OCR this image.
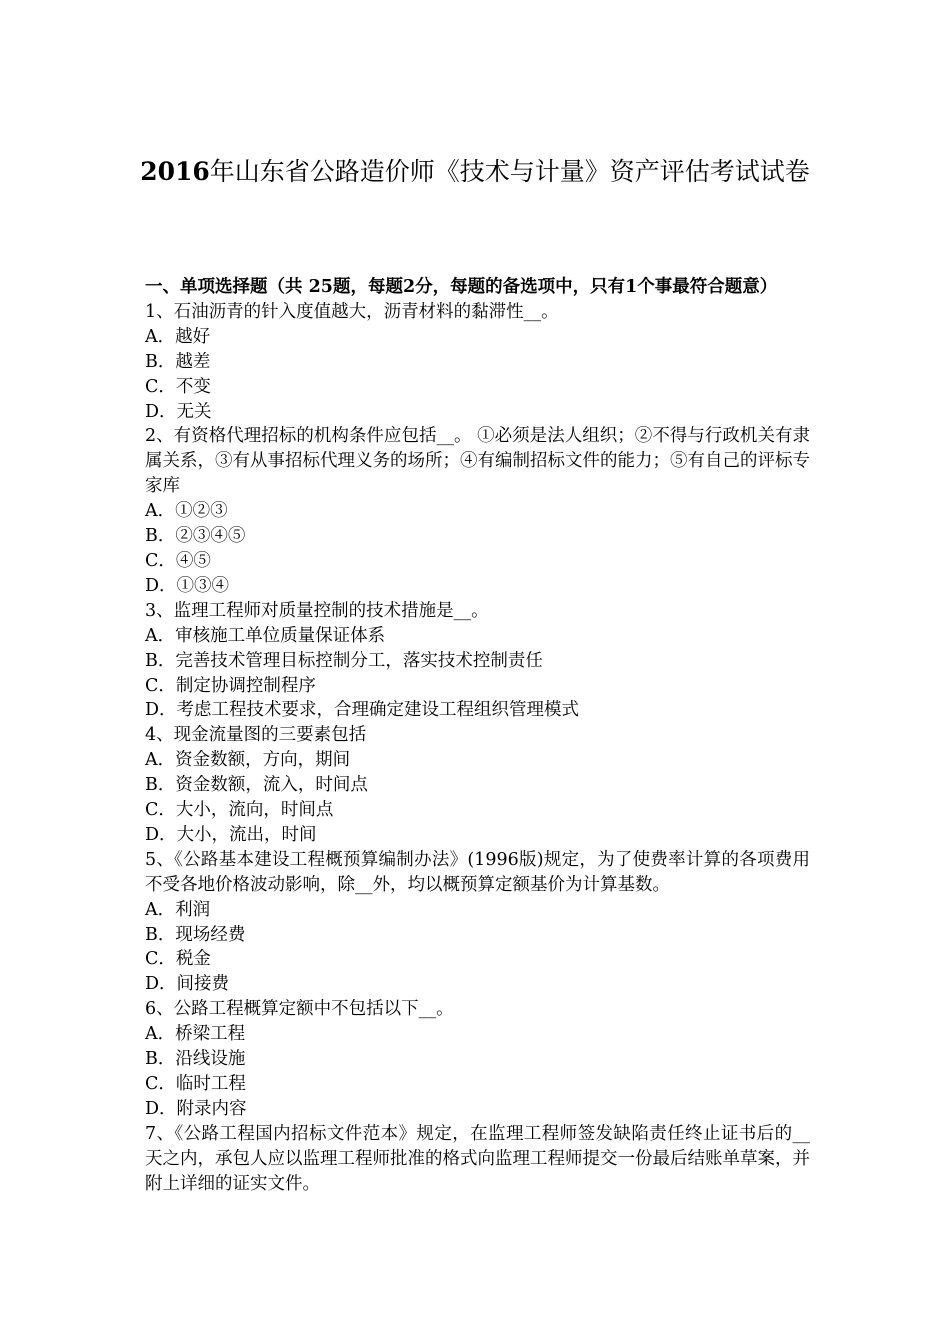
2016年山东省公路造价师《技术与计量》资产评估考试试卷

一、单项选择题（共 25题，每题2分，每题的备选项中，只有1个事最符合题意）

1、石油沥青的针入度值越大，沥青材料的黏滞性__。

A．越好

B．越差

C．不变

D．无关

2、有资格代理招标的机构条件应包括__。 ①必须是法人组织；②不得与行政机关有隶属关系，③有从事招标代理义务的场所；④有编制招标文件的能力；⑤有自己的评标专家库

A．①②③

B．②③④⑤

C．④⑤

D．①③④

3、监理工程师对质量控制的技术措施是__。

A．审核施工单位质量保证体系

B．完善技术管理目标控制分工，落实技术控制责任

C．制定协调控制程序

D．考虑工程技术要求，合理确定建设工程组织管理模式

4、现金流量图的三要素包括

A．资金数额，方向，期间

B．资金数额，流入，时间点

C．大小，流向，时间点

D．大小，流出，时间

5、《公路基本建设工程概预算编制办法》(1996版)规定，为了使费率计算的各项费用不受各地价格波动影响，除__外，均以概预算定额基价为计算基数。

A．利润

B．现场经费

C．税金

D．间接费

6、公路工程概算定额中不包括以下__。

A．桥梁工程

B．沿线设施

C．临时工程

D．附录内容

7、《公路工程国内招标文件范本》规定，在监理工程师签发缺陷责任终止证书后的__天之内，承包人应以监理工程师批准的格式向监理工程师提交一份最后结账单草案，并附上详细的证实文件。
